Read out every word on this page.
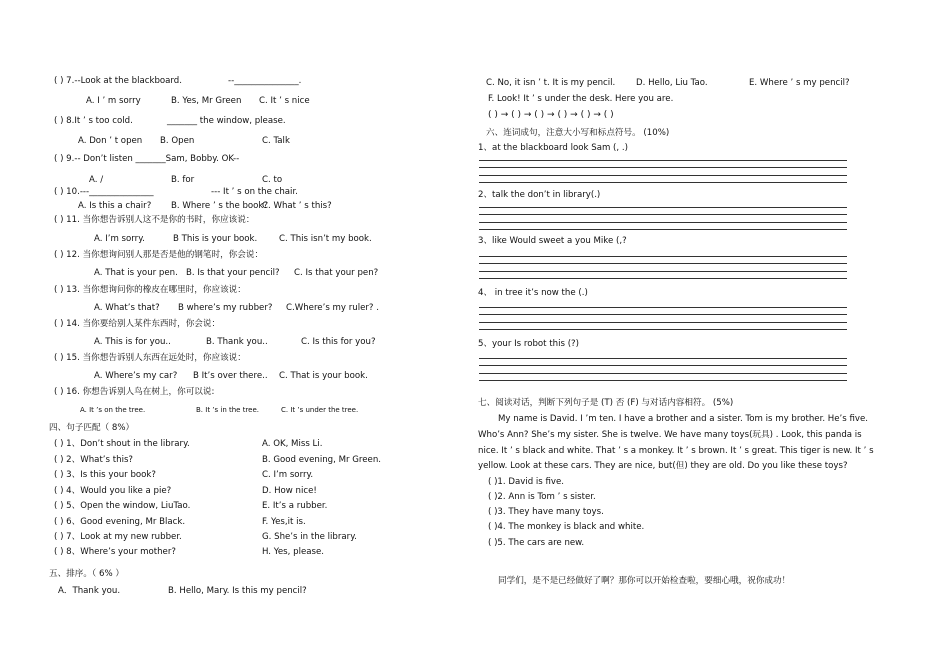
( ) 7.--Look at the blackboard.	--_______________.
A. I ’ m sorry	B. Yes, Mr Green C. It ’ s nice
( ) 8.It ’ s too cold.	_______ the window, please.
A. Don ’ t open B. Open	C. Talk
( ) 9.-- Don’t listen _______Sam, Bobby. OK--
A. /	B. for	C. to
( ) 10.---_______________	--- It ’ s on the chair.
A. Is this a chair? B. Where ’ s the book?
C. What ’ s this?
( ) 11. 当你想告诉别人这不是你的书时，你应该说：
A. I’m sorry.	B This is your book.	C. This isn’t my book.
( ) 12. 当你想询问别人那是否是他的钢笔时，你会说：
A. That is your pen. B. Is that your pencil? C. Is that your pen?
( ) 13. 当你想询问你的橡皮在哪里时，你应该说：
A. What’s that? B where’s my rubber? C.Where’s my ruler? .
( ) 14. 当你要给别人某件东西时，你会说：
A. This is for you..	B. Thank you..	C. Is this for you?
( ) 15. 当你想告诉别人东西在远处时，你应该说：
A. Where’s my car? B It’s over there.. C. That is your book.
( ) 16. 你想告诉别人鸟在树上，你可以说:
A. It ’s on the tree.	B. It ’s in the tree.	C. It ’s under the tree.
四、句子匹配（ 8%）
( ) 1、Don’t shout in the library.	A. OK, Miss Li.
( ) 2、What’s this?	B. Good evening, Mr Green.
( ) 3、Is this your book?	C. I’m sorry.
( ) 4、Would you like a pie?	D. How nice!
( ) 5、Open the window, LiuTao.	E. It’s a rubber.
( ) 6、Good evening, Mr Black.	F. Yes,it is.
( ) 7、Look at my new rubber.	G. She’s in the library.
( ) 8、Where’s your mother?	H. Yes, please.
五、排序。（ 6% ）
A．Thank you.	B. Hello, Mary. Is this my pencil?
C. No, it isn ’ t. It is my pencil. D. Hello, Liu Tao.	E. Where ’ s my pencil?
F. Look! It ’ s under the desk. Here you are.
( ) → ( ) → ( ) → ( ) → ( ) → ( )
六、连词成句，注意大小写和标点符号。 (10%)
1、at the blackboard look Sam (, .)
2、talk the don’t in library(.)
3、like Would sweet a you Mike (,?
4、 in tree it’s now the (.)
5、your Is robot this (?)
七、阅读对话，判断下列句子是 (T) 否 (F) 与对话内容相符。 (5%)
My name is David. I ’m ten. I have a brother and a sister. Tom is my brother. He’s five.
Who’s Ann? She’s my sister. She is twelve. We have many toys(玩具) . Look, this panda is
nice. It ’ s black and white. That ’ s a monkey. It ’ s brown. It ’ s great. This tiger is new. It ’ s
yellow. Look at these cars. They are nice, but(但) they are old. Do you like these toys?
( )1. David is five.
( )2. Ann is Tom ’ s sister.
( )3. They have many toys.
( )4. The monkey is black and white.
( )5. The cars are new.
同学们，是不是已经做好了啊？那你可以开始检查啦，要细心哦，祝你成功！
